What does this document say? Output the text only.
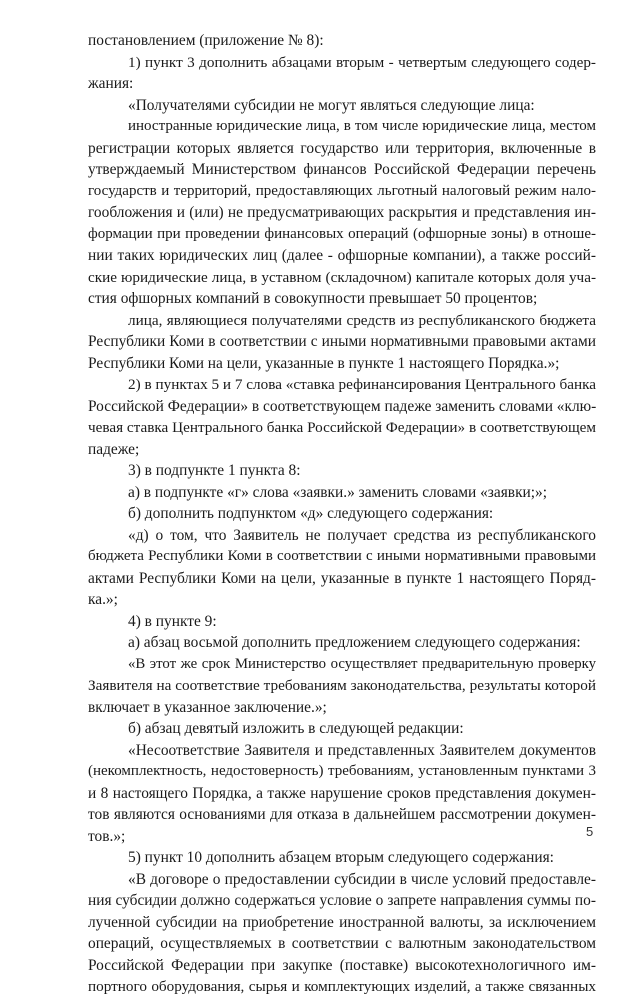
постановлением (приложение № 8):
1) пункт 3 дополнить абзацами вторым - четвертым следующего содер-
жания:
«Получателями субсидии не могут являться следующие лица:
иностранные юридические лица, в том числе юридические лица, местом
регистрации которых является государство или территория, включенные в
утверждаемый Министерством финансов Российской Федерации перечень
государств и территорий, предоставляющих льготный налоговый режим нало-
гообложения и (или) не предусматривающих раскрытия и представления ин-
формации при проведении финансовых операций (офшорные зоны) в отноше-
нии таких юридических лиц (далее - офшорные компании), а также россий-
ские юридические лица, в уставном (складочном) капитале которых доля уча-
стия офшорных компаний в совокупности превышает 50 процентов;
лица, являющиеся получателями средств из республиканского бюджета
Республики Коми в соответствии с иными нормативными правовыми актами
Республики Коми на цели, указанные в пункте 1 настоящего Порядка.»;
2) в пунктах 5 и 7 слова «ставка рефинансирования Центрального банка
Российской Федерации» в соответствующем падеже заменить словами «клю-
чевая ставка Центрального банка Российской Федерации» в соответствующем
падеже;
3) в подпункте 1 пункта 8:
а) в подпункте «г» слова «заявки.» заменить словами «заявки;»;
б) дополнить подпунктом «д» следующего содержания:
«д) о том, что Заявитель не получает средства из республиканского
бюджета Республики Коми в соответствии с иными нормативными правовыми
актами Республики Коми на цели, указанные в пункте 1 настоящего Поряд-
ка.»;
4) в пункте 9:
а) абзац восьмой дополнить предложением следующего содержания:
«В этот же срок Министерство осуществляет предварительную проверку
Заявителя на соответствие требованиям законодательства, результаты которой
включает в указанное заключение.»;
б) абзац девятый изложить в следующей редакции:
«Несоответствие Заявителя и представленных Заявителем документов
(некомплектность, недостоверность) требованиям, установленным пунктами 3
и 8 настоящего Порядка, а также нарушение сроков представления докумен-
тов являются основаниями для отказа в дальнейшем рассмотрении докумен-
тов.»;
5) пункт 10 дополнить абзацем вторым следующего содержания:
«В договоре о предоставлении субсидии в числе условий предоставле-
ния субсидии должно содержаться условие о запрете направления суммы по-
лученной субсидии на приобретение иностранной валюты, за исключением
операций, осуществляемых в соответствии с валютным законодательством
Российской Федерации при закупке (поставке) высокотехнологичного им-
портного оборудования, сырья и комплектующих изделий, а также связанных
5
